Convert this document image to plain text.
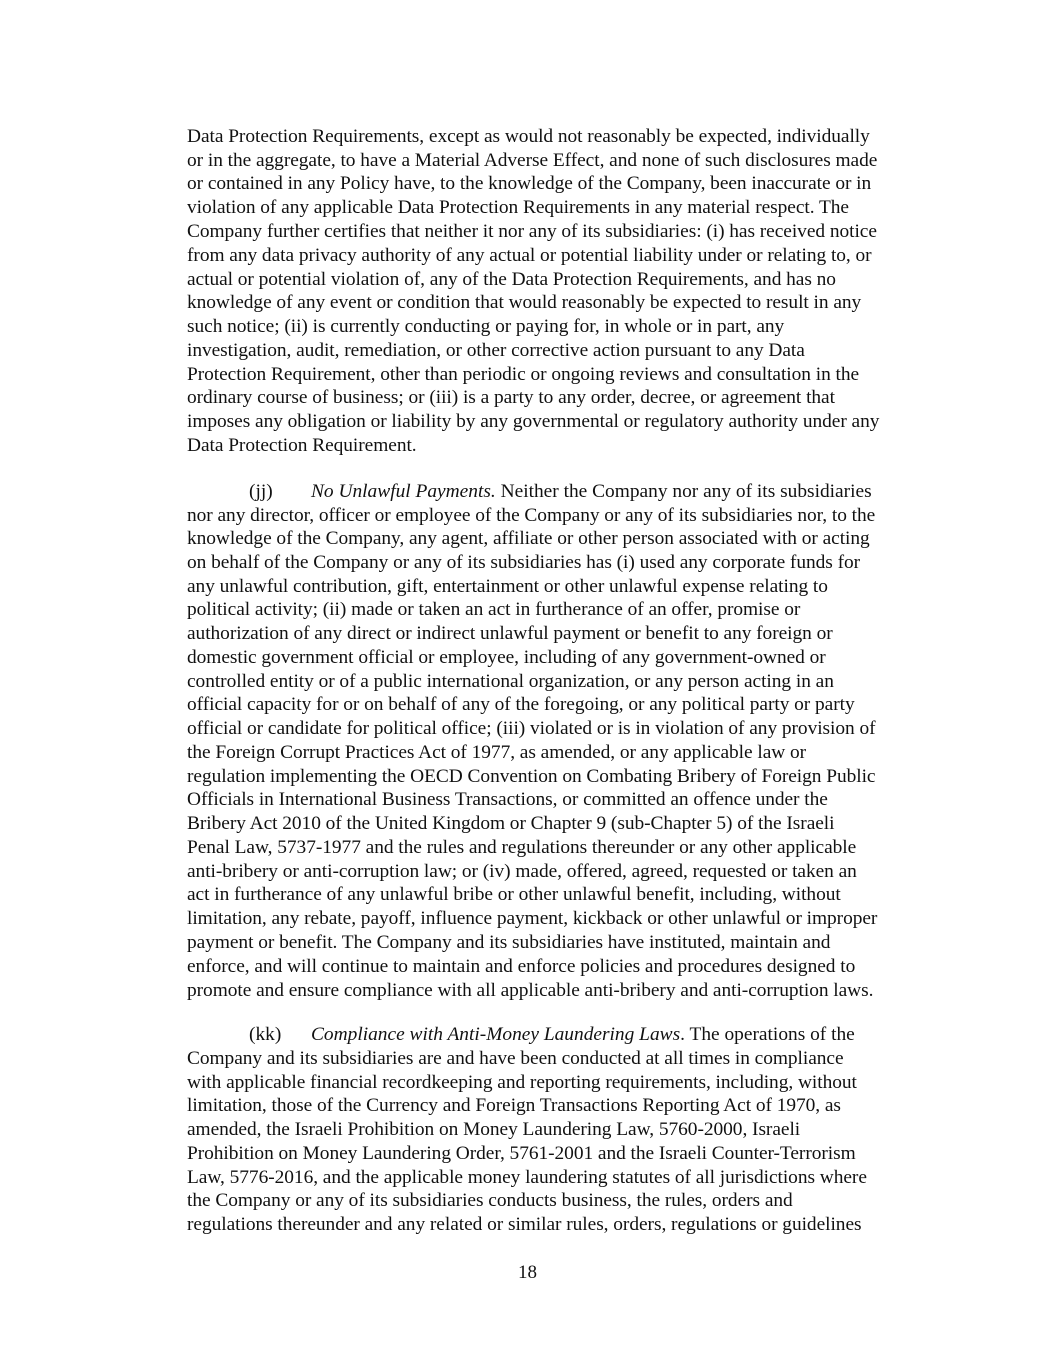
Data Protection Requirements, except as would not reasonably be expected, individually
or in the aggregate, to have a Material Adverse Effect, and none of such disclosures made
or contained in any Policy have, to the knowledge of the Company, been inaccurate or in
violation of any applicable Data Protection Requirements in any material respect. The
Company further certifies that neither it nor any of its subsidiaries: (i) has received notice
from any data privacy authority of any actual or potential liability under or relating to, or
actual or potential violation of, any of the Data Protection Requirements, and has no
knowledge of any event or condition that would reasonably be expected to result in any
such notice; (ii) is currently conducting or paying for, in whole or in part, any
investigation, audit, remediation, or other corrective action pursuant to any Data
Protection Requirement, other than periodic or ongoing reviews and consultation in the
ordinary course of business; or (iii) is a party to any order, decree, or agreement that
imposes any obligation or liability by any governmental or regulatory authority under any
Data Protection Requirement.
(jj) No Unlawful Payments. Neither the Company nor any of its subsidiaries
nor any director, officer or employee of the Company or any of its subsidiaries nor, to the
knowledge of the Company, any agent, affiliate or other person associated with or acting
on behalf of the Company or any of its subsidiaries has (i) used any corporate funds for
any unlawful contribution, gift, entertainment or other unlawful expense relating to
political activity; (ii) made or taken an act in furtherance of an offer, promise or
authorization of any direct or indirect unlawful payment or benefit to any foreign or
domestic government official or employee, including of any government-owned or
controlled entity or of a public international organization, or any person acting in an
official capacity for or on behalf of any of the foregoing, or any political party or party
official or candidate for political office; (iii) violated or is in violation of any provision of
the Foreign Corrupt Practices Act of 1977, as amended, or any applicable law or
regulation implementing the OECD Convention on Combating Bribery of Foreign Public
Officials in International Business Transactions, or committed an offence under the
Bribery Act 2010 of the United Kingdom or Chapter 9 (sub-Chapter 5) of the Israeli
Penal Law, 5737-1977 and the rules and regulations thereunder or any other applicable
anti-bribery or anti-corruption law; or (iv) made, offered, agreed, requested or taken an
act in furtherance of any unlawful bribe or other unlawful benefit, including, without
limitation, any rebate, payoff, influence payment, kickback or other unlawful or improper
payment or benefit. The Company and its subsidiaries have instituted, maintain and
enforce, and will continue to maintain and enforce policies and procedures designed to
promote and ensure compliance with all applicable anti-bribery and anti-corruption laws.
(kk) Compliance with Anti-Money Laundering Laws. The operations of the
Company and its subsidiaries are and have been conducted at all times in compliance
with applicable financial recordkeeping and reporting requirements, including, without
limitation, those of the Currency and Foreign Transactions Reporting Act of 1970, as
amended, the Israeli Prohibition on Money Laundering Law, 5760-2000, Israeli
Prohibition on Money Laundering Order, 5761-2001 and the Israeli Counter-Terrorism
Law, 5776-2016, and the applicable money laundering statutes of all jurisdictions where
the Company or any of its subsidiaries conducts business, the rules, orders and
regulations thereunder and any related or similar rules, orders, regulations or guidelines
18
